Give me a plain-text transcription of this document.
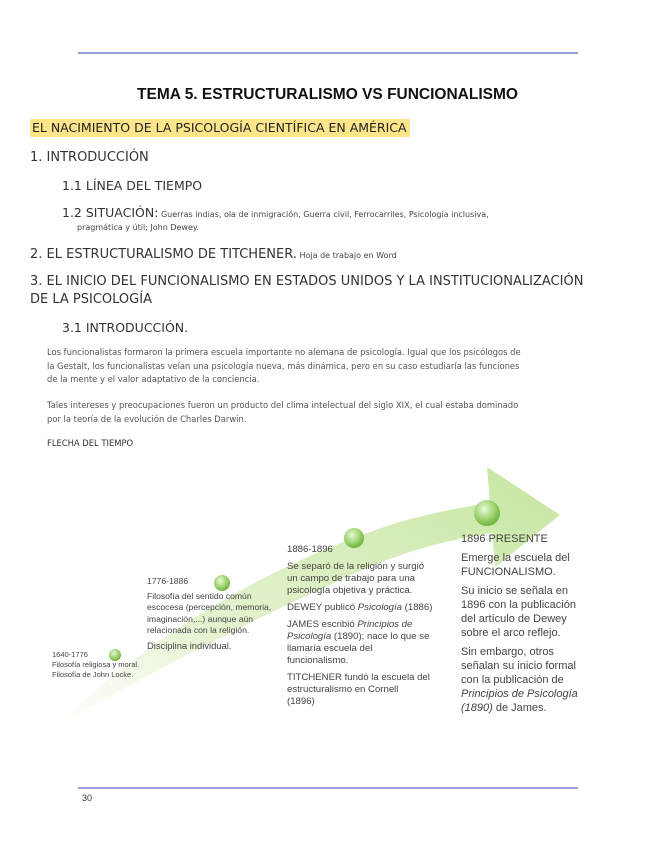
TEMA 5. ESTRUCTURALISMO VS FUNCIONALISMO
EL NACIMIENTO DE LA PSICOLOGÍA CIENTÍFICA EN AMÉRICA
1. INTRODUCCIÓN
1.1 LÍNEA DEL TIEMPO
1.2 SITUACIÓN: Guerras indias, ola de inmigración, Guerra civil, Ferrocarriles, Psicología inclusiva,
pragmática y útil; John Dewey.
2. EL ESTRUCTURALISMO DE TITCHENER. Hoja de trabajo en Word
3. EL INICIO DEL FUNCIONALISMO EN ESTADOS UNIDOS Y LA INSTITUCIONALIZACIÓN
DE LA PSICOLOGÍA
3.1 INTRODUCCIÓN.
Los funcionalistas formaron la primera escuela importante no alemana de psicología. Igual que los psicólogos de
la Gestalt, los funcionalistas veían una psicología nueva, más dinámica, pero en su caso estudiaría las funciones
de la mente y el valor adaptativo de la conciencia.
Tales intereses y preocupaciones fueron un producto del clima intelectual del siglo XIX, el cual estaba dominado
por la teoría de la evolución de Charles Darwin.
FLECHA DEL TIEMPO
1640-1776
Filosofía religiosa y moral.
Filosofía de John Locke.

1776-1886

Filosofía del sentido común
escocesa (percepción, memoria,
imaginación,...) aunque aún

relacionada con la religión.

Disciplina individual.

1886-1896

Se separó de la religión y surgió
un campo de trabajo para una

psicología objetiva y práctica.

DEWEY publicó Psicología (1886)

JAMES escribió Principios de
Psicología (1890); nace lo que se
llamaría escuela del

funcionalismo.

TITCHENER fundó la escuela del
estructuralismo en Cornell
(1896)

1896 PRESENTE

Emerge la escuela del

FUNCIONALISMO.

Su inicio se señala en
1896 con la publicación
del artículo de Dewey

sobre el arco reflejo.

Sin embargo, otros
señalan su inicio formal
con la publicación de
Principios de Psicología
(1890) de James.
30
